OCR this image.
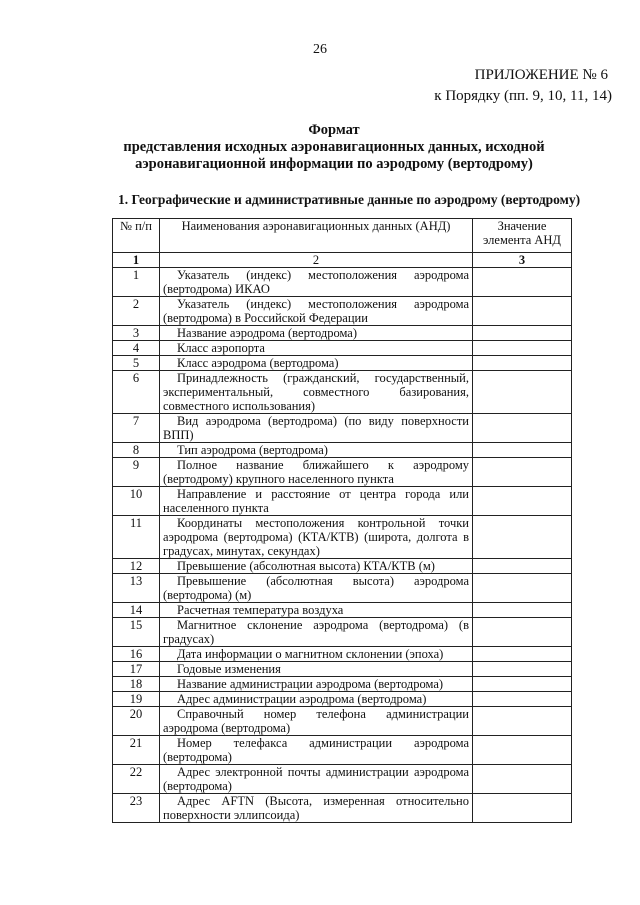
26
ПРИЛОЖЕНИЕ № 6
к Порядку (пп. 9, 10, 11, 14)
Формат
представления исходных аэронавигационных данных, исходной
аэронавигационной информации по аэродрому (вертодрому)
1. Географические и административные данные по аэродрому (вертодрому)
№ п/п	Наименования аэронавигационных данных (АНД)	Значение элемента АНД
1	2	3
1	Указатель (индекс) местоположения аэродрома (вертодрома) ИКАО	

2	Указатель (индекс) местоположения аэродрома (вертодрома) в Российской Федерации	

3	Название аэродрома (вертодрома)	

4	Класс аэропорта	

5	Класс аэродрома (вертодрома)	

6	Принадлежность (гражданский, государственный, экспериментальный, совместного базирования, совместного использования)	

7	Вид аэродрома (вертодрома) (по виду поверхности ВПП)	

8	Тип аэродрома (вертодрома)	

9	Полное название ближайшего к аэродрому (вертодрому) крупного населенного пункта	

10	Направление и расстояние от центра города или населенного пункта	

11	Координаты местоположения контрольной точки аэродрома (вертодрома) (КТА/КТВ) (широта, долгота в градусах, минутах, секундах)	

12	Превышение (абсолютная высота) КТА/КТВ (м)	

13	Превышение (абсолютная высота) аэродрома (вертодрома) (м)	

14	Расчетная температура воздуха	

15	Магнитное склонение аэродрома (вертодрома) (в градусах)	

16	Дата информации о магнитном склонении (эпоха)	

17	Годовые изменения	

18	Название администрации аэродрома (вертодрома)	

19	Адрес администрации аэродрома (вертодрома)	

20	Справочный номер телефона администрации аэродрома (вертодрома)	

21	Номер телефакса администрации аэродрома (вертодрома)	

22	Адрес электронной почты администрации аэродрома (вертодрома)	

23	Адрес AFTN (Высота, измеренная относительно поверхности эллипсоида)	
